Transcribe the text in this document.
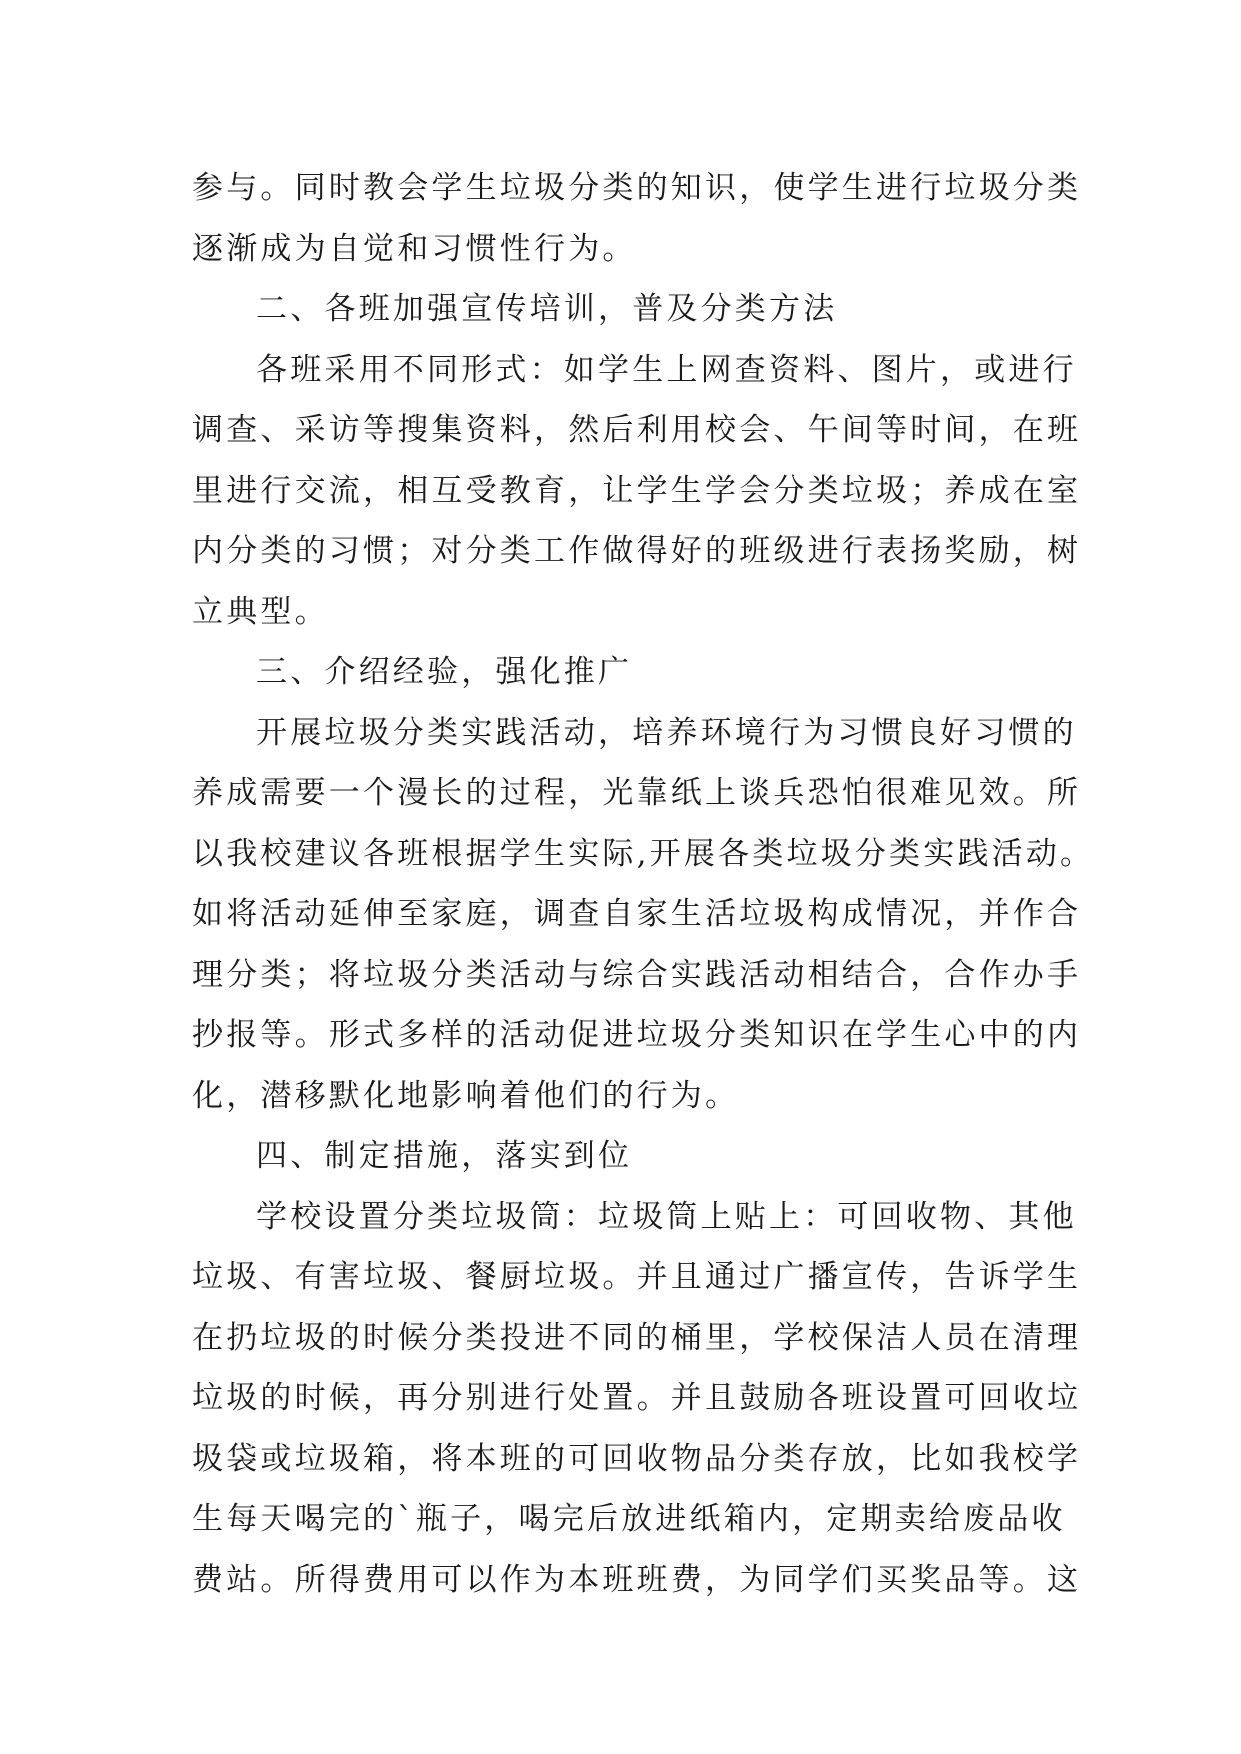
参与。同时教会学生垃圾分类的知识，使学生进行垃圾分类
逐渐成为自觉和习惯性行为。
二、各班加强宣传培训，普及分类方法
各班采用不同形式：如学生上网查资料、图片，或进行
调查、采访等搜集资料，然后利用校会、午间等时间，在班
里进行交流，相互受教育，让学生学会分类垃圾；养成在室
内分类的习惯；对分类工作做得好的班级进行表扬奖励，树
立典型。
三、介绍经验，强化推广
开展垃圾分类实践活动，培养环境行为习惯良好习惯的
养成需要一个漫长的过程，光靠纸上谈兵恐怕很难见效。所
以我校建议各班根据学生实际,开展各类垃圾分类实践活动。
如将活动延伸至家庭，调查自家生活垃圾构成情况，并作合
理分类；将垃圾分类活动与综合实践活动相结合，合作办手
抄报等。形式多样的活动促进垃圾分类知识在学生心中的内
化，潜移默化地影响着他们的行为。
四、制定措施，落实到位
学校设置分类垃圾筒：垃圾筒上贴上：可回收物、其他
垃圾、有害垃圾、餐厨垃圾。并且通过广播宣传，告诉学生
在扔垃圾的时候分类投进不同的桶里，学校保洁人员在清理
垃圾的时候，再分别进行处置。并且鼓励各班设置可回收垃
圾袋或垃圾箱，将本班的可回收物品分类存放，比如我校学
生每天喝完的`瓶子，喝完后放进纸箱内，定期卖给废品收
费站。所得费用可以作为本班班费，为同学们买奖品等。这
